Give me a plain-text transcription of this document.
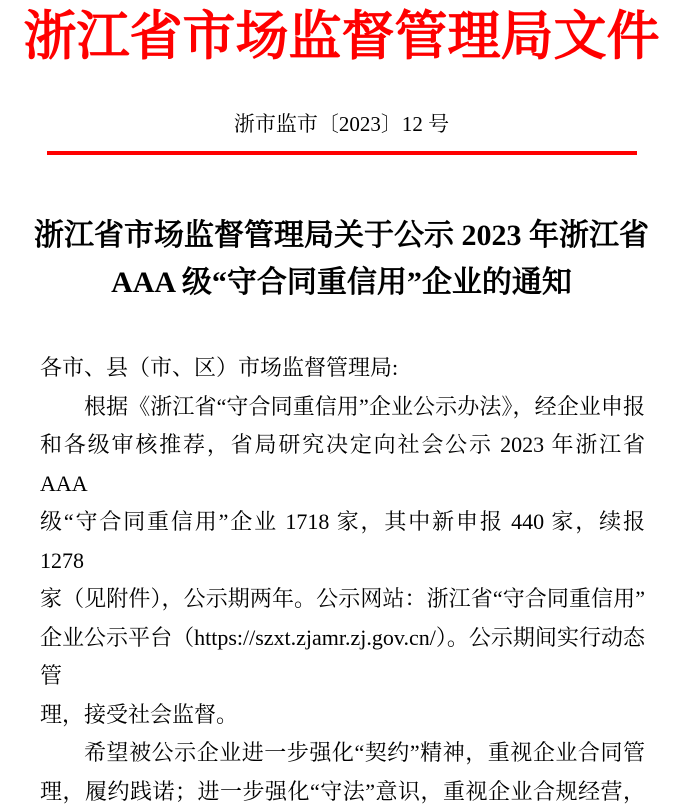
浙江省市场监督管理局文件
浙市监市〔2023〕12 号
浙江省市场监督管理局关于公示 2023 年浙江省
AAA 级“守合同重信用”企业的通知
各市、县（市、区）市场监督管理局:
根据《浙江省“守合同重信用”企业公示办法》，经企业申报
和各级审核推荐，省局研究决定向社会公示 2023 年浙江省 AAA
级“守合同重信用”企业 1718 家，其中新申报 440 家，续报 1278
家（见附件），公示期两年。公示网站：浙江省“守合同重信用”
企业公示平台（https://szxt.zjamr.zj.gov.cn/）。公示期间实行动态管
理，接受社会监督。
希望被公示企业进一步强化“契约”精神，重视企业合同管
理，履约践诺；进一步强化“守法”意识，重视企业合规经营，
